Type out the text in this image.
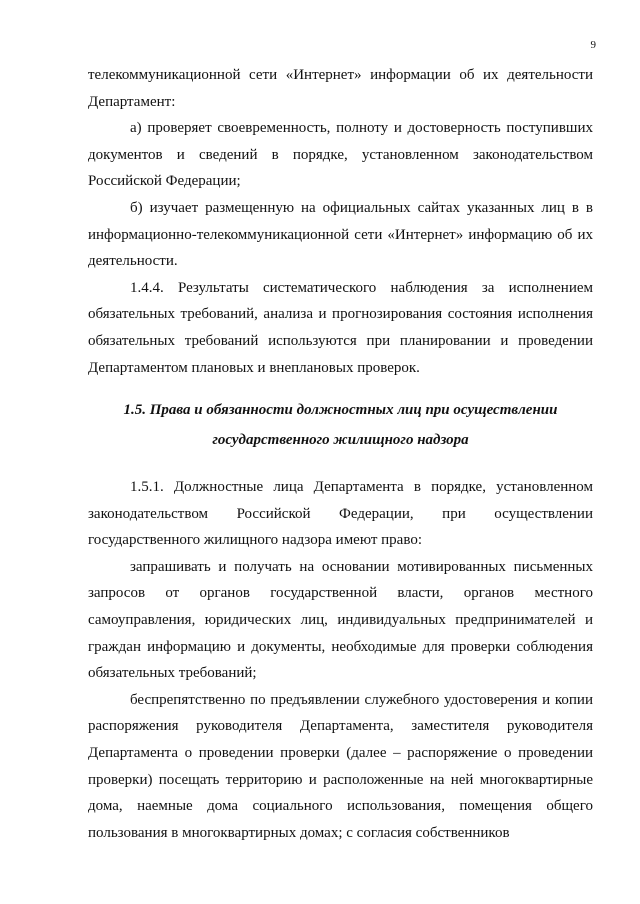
9

телекоммуникационной сети «Интернет» информации об их деятельности Департамент:

а) проверяет своевременность, полноту и достоверность поступивших документов и сведений в порядке, установленном законодательством Российской Федерации;

б) изучает размещенную на официальных сайтах указанных лиц в в информационно-телекоммуникационной сети «Интернет» информацию об их деятельности.

1.4.4. Результаты систематического наблюдения за исполнением обязательных требований, анализа и прогнозирования состояния исполнения обязательных требований используются при планировании и проведении Департаментом плановых и внеплановых проверок.

1.5. Права и обязанности должностных лиц при осуществлении государственного жилищного надзора

1.5.1. Должностные лица Департамента в порядке, установленном законодательством Российской Федерации, при осуществлении государственного жилищного надзора имеют право:

запрашивать и получать на основании мотивированных письменных запросов от органов государственной власти, органов местного самоуправления, юридических лиц, индивидуальных предпринимателей и граждан информацию и документы, необходимые для проверки соблюдения обязательных требований;

беспрепятственно по предъявлении служебного удостоверения и копии распоряжения руководителя Департамента, заместителя руководителя Департамента о проведении проверки (далее – распоряжение о проведении проверки) посещать территорию и расположенные на ней многоквартирные дома, наемные дома социального использования, помещения общего пользования в многоквартирных домах; с согласия собственников
